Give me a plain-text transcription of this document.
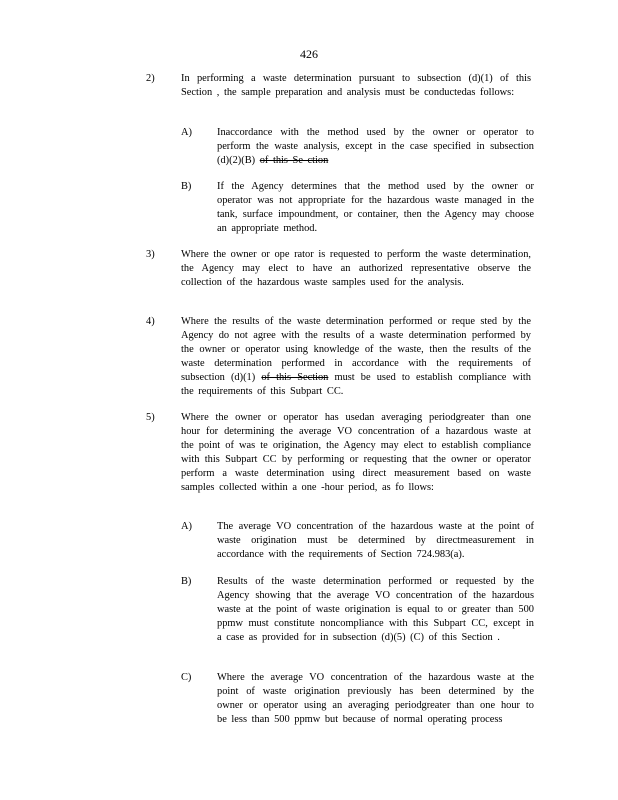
426
2)	In performing a waste determination pursuant to subsection (d)(1) of this Section , the sample preparation and analysis must be conductedas follows:
A) Inaccordance with the method used by the owner or operator to perform the waste analysis, except in the case specified in subsection (d)(2)(B) of this Se ction
B) If the Agency determines that the method used by the owner or operator was not appropriate for the hazardous waste managed in the tank, surface impoundment, or container, then the Agency may choose an appropriate method.
3)	Where the owner or ope rator is requested to perform the waste determination, the Agency may elect to have an authorized representative observe the collection of the hazardous waste samples used for the analysis.
4)	Where the results of the waste determination performed or reque sted by the Agency do not agree with the results of a waste determination performed by the owner or operator using knowledge of the waste, then the results of the waste determination performed in accordance with the requirements of subsection (d)(1) of this Section must be used to establish compliance with the requirements of this Subpart CC.
5)	Where the owner or operator has usedan averaging periodgreater than one hour for determining the average VO concentration of a hazardous waste at the point of was te origination, the Agency may elect to establish compliance with this Subpart CC by performing or requesting that the owner or operator perform a waste determination using direct measurement based on waste samples collected within a one -hour period, as fo llows:
A) The average VO concentration of the hazardous waste at the point of waste origination must be determined by directmeasurement in accordance with the requirements of Section 724.983(a).
B) Results of the waste determination performed or requested by the Agency showing that the average VO concentration of the hazardous waste at the point of waste origination is equal to or greater than 500 ppmw must constitute noncompliance with this Subpart CC, except in a case as provided for in subsection (d)(5) (C) of this Section .
C) Where the average VO concentration of the hazardous waste at the point of waste origination previously has been determined by the owner or operator using an averaging periodgreater than one hour to be less than 500 ppmw but because of normal operating process
